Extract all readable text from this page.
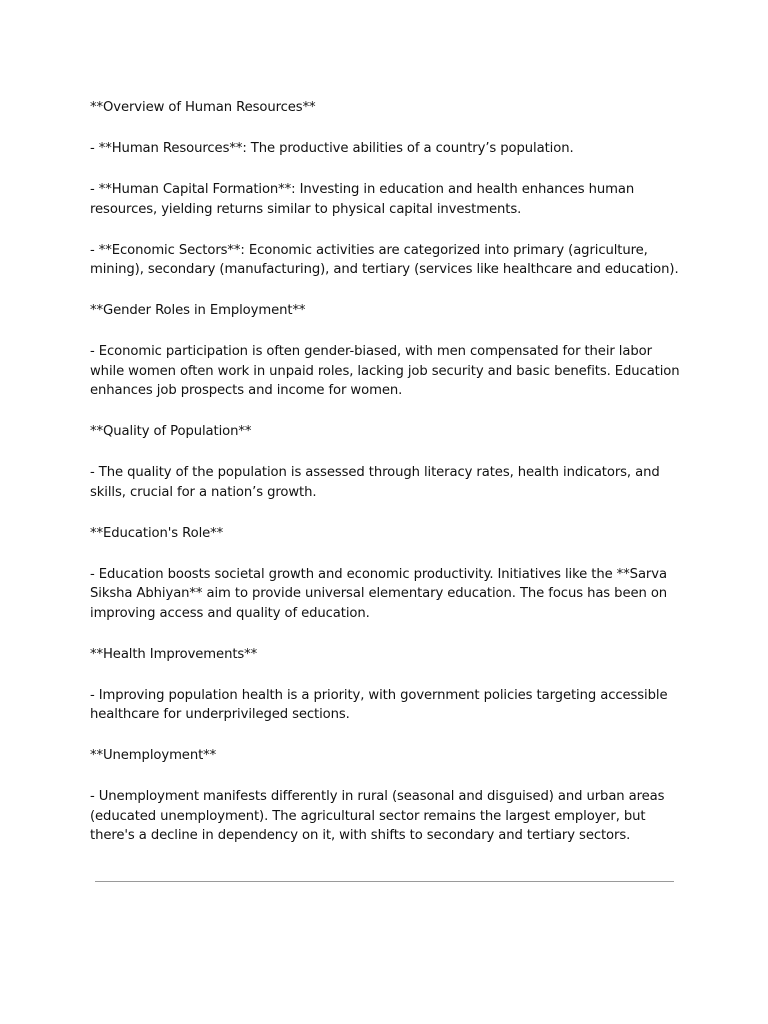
**Overview of Human Resources**

- **Human Resources**: The productive abilities of a country’s population.

- **Human Capital Formation**: Investing in education and health enhances human resources, yielding returns similar to physical capital investments.

- **Economic Sectors**: Economic activities are categorized into primary (agriculture, mining), secondary (manufacturing), and tertiary (services like healthcare and education).

**Gender Roles in Employment**

- Economic participation is often gender-biased, with men compensated for their labor while women often work in unpaid roles, lacking job security and basic benefits. Education enhances job prospects and income for women.

**Quality of Population**

- The quality of the population is assessed through literacy rates, health indicators, and skills, crucial for a nation’s growth.

**Education's Role**

- Education boosts societal growth and economic productivity. Initiatives like the **Sarva Siksha Abhiyan** aim to provide universal elementary education. The focus has been on improving access and quality of education.

**Health Improvements**

- Improving population health is a priority, with government policies targeting accessible healthcare for underprivileged sections.

**Unemployment**

- Unemployment manifests differently in rural (seasonal and disguised) and urban areas (educated unemployment). The agricultural sector remains the largest employer, but there's a decline in dependency on it, with shifts to secondary and tertiary sectors.
